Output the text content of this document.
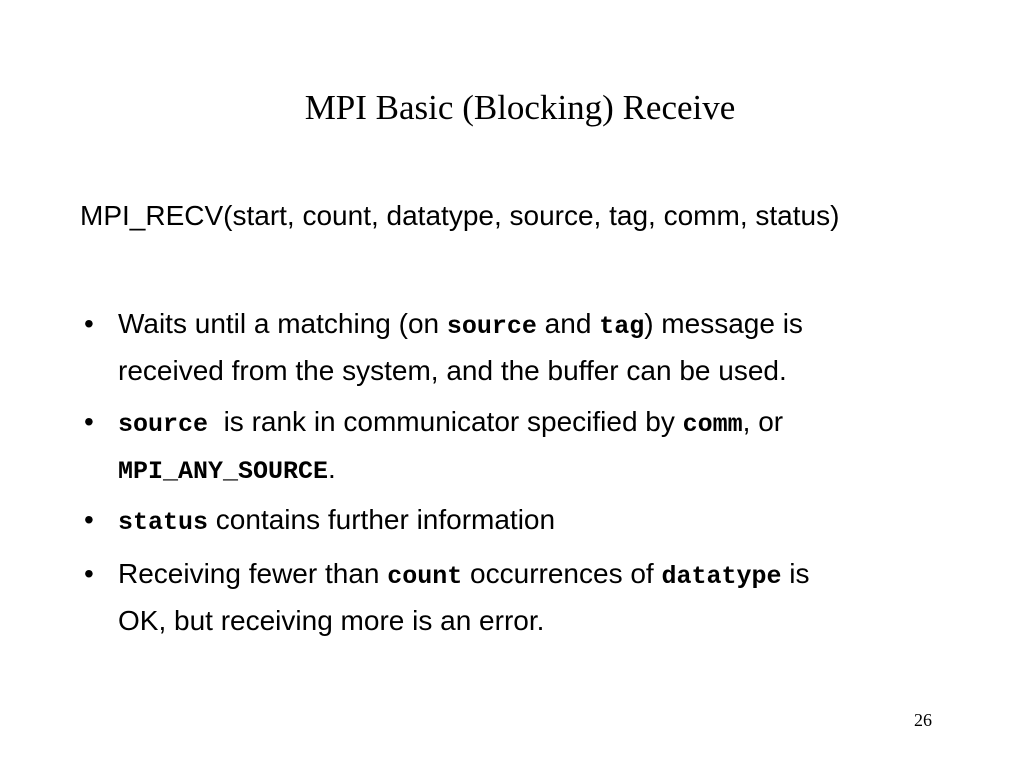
MPI Basic (Blocking) Receive
MPI_RECV(start, count, datatype, source, tag, comm, status)
• Waits until a matching (on source and tag) message is
received from the system, and the buffer can be used.
• source  is rank in communicator specified by comm, or
MPI_ANY_SOURCE.
• status contains further information
• Receiving fewer than count occurrences of datatype is
OK, but receiving more is an error.
26
